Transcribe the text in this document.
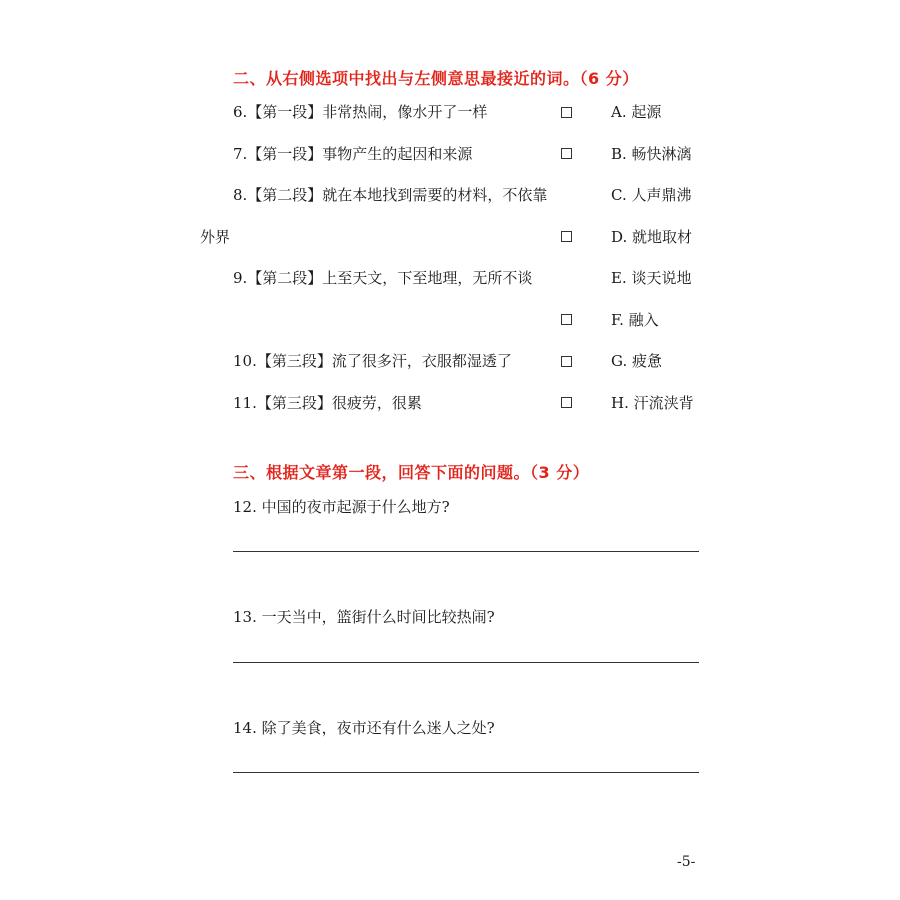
二、从右侧选项中找出与左侧意思最接近的词。（6 分）
6.【第一段】非常热闹，像水开了一样
7.【第一段】事物产生的起因和来源
8.【第二段】就在本地找到需要的材料，不依靠
外界
9.【第二段】上至天文，下至地理，无所不谈
10.【第三段】流了很多汗，衣服都湿透了
11.【第三段】很疲劳，很累
A. 起源
B. 畅快淋漓
C. 人声鼎沸
D. 就地取材
E. 谈天说地
F. 融入
G. 疲惫
H. 汗流浃背
三、根据文章第一段，回答下面的问题。（3 分）
12. 中国的夜市起源于什么地方?
13. 一天当中，篮街什么时间比较热闹?
14. 除了美食，夜市还有什么迷人之处?
-5-
